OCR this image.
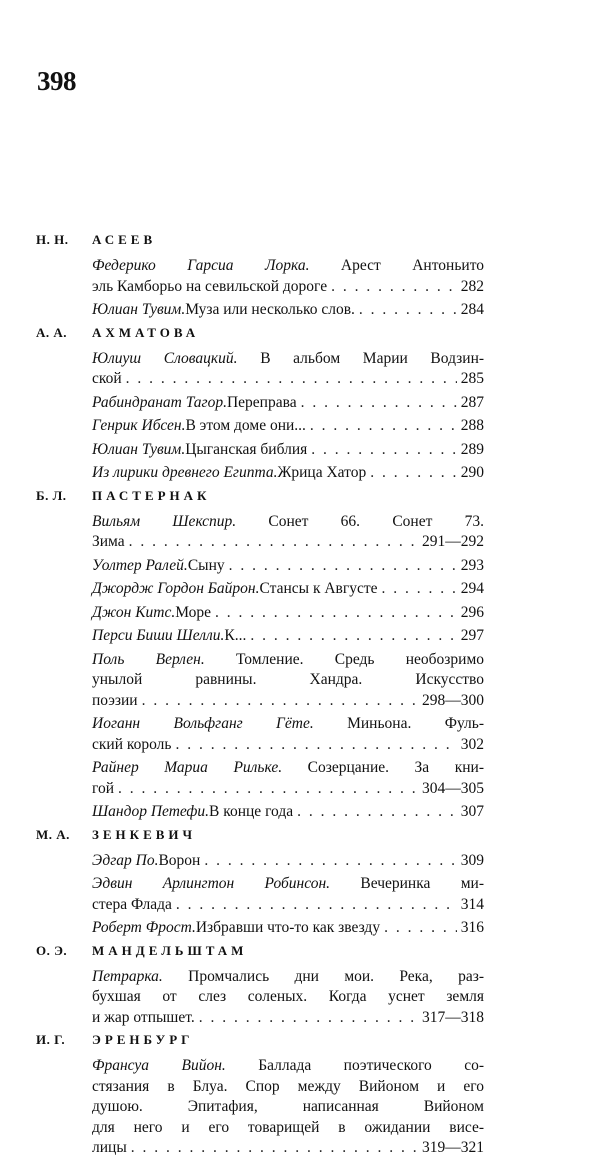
398
Н. Н.	АСЕЕВ
Федерико Гарсиа Лорка. Арест Антоньито
эль Камборьо на севильской дороге . . .	282
Юлиан Тувим. Муза или несколько слов. . . .	284
А. А.	АХМАТОВА
Юлиуш Словацкий. В альбом Марии Водзин-
ской . . .	285
Рабиндранат Тагор. Переправа . . .	287
Генрик Ибсен. В этом доме они... . . .	288
Юлиан Тувим. Цыганская библия . . .	289
Из лирики древнего Египта. Жрица Хатор . . .	290
Б. Л.	ПАСТЕРНАК
Вильям Шекспир. Сонет 66. Сонет 73.
Зима . . .	291—292
Уолтер Ралей. Сыну . . .	293
Джордж Гордон Байрон. Стансы к Августе . . .	294
Джон Китс. Море . . .	296
Перси Биши Шелли. К... . . .	297
Поль Верлен. Томление. Средь необозримо
унылой равнины. Хандра. Искусство
поэзии . . .	298—300
Иоганн Вольфганг Гёте. Миньона. Фуль-
ский король . . .	302
Райнер Мариа Рильке. Созерцание. За кни-
гой . . .	304—305
Шандор Петефи. В конце года . . .	307
М. А.	ЗЕНКЕВИЧ
Эдгар По. Ворон . . .	309
Эдвин Арлингтон Робинсон. Вечеринка ми-
стера Флада . . .	314
Роберт Фрост. Избравши что-то как звезду . . .	316
О. Э.	МАНДЕЛЬШТАМ
Петрарка. Промчались дни мои. Река, раз-
бухшая от слез соленых. Когда уснет земля
и жар отпышет. . . .	317—318
И. Г.	ЭРЕНБУРГ
Франсуа Вийон. Баллада поэтического со-
стязания в Блуа. Спор между Вийоном и его
душою. Эпитафия, написанная Вийоном
для него и его товарищей в ожидании висе-
лицы . . .	319—321
